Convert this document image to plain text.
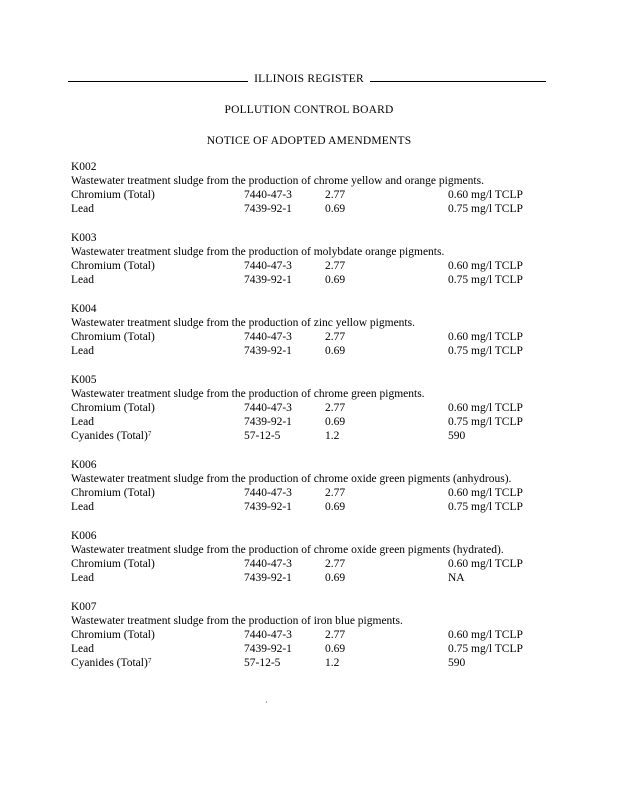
ILLINOIS REGISTER
POLLUTION CONTROL BOARD
NOTICE OF ADOPTED AMENDMENTS
K002
Wastewater treatment sludge from the production of chrome yellow and orange pigments.
Chromium (Total)	7440-47-3	2.77	0.60 mg/l TCLP
Lead	7439-92-1	0.69	0.75 mg/l TCLP
K003
Wastewater treatment sludge from the production of molybdate orange pigments.
Chromium (Total)	7440-47-3	2.77	0.60 mg/l TCLP
Lead	7439-92-1	0.69	0.75 mg/l TCLP
K004
Wastewater treatment sludge from the production of zinc yellow pigments.
Chromium (Total)	7440-47-3	2.77	0.60 mg/l TCLP
Lead	7439-92-1	0.69	0.75 mg/l TCLP
K005
Wastewater treatment sludge from the production of chrome green pigments.
Chromium (Total)	7440-47-3	2.77	0.60 mg/l TCLP
Lead	7439-92-1	0.69	0.75 mg/l TCLP
Cyanides (Total)$^7$	57-12-5	1.2	590
K006
Wastewater treatment sludge from the production of chrome oxide green pigments (anhydrous).
Chromium (Total)	7440-47-3	2.77	0.60 mg/l TCLP
Lead	7439-92-1	0.69	0.75 mg/l TCLP
K006
Wastewater treatment sludge from the production of chrome oxide green pigments (hydrated).
Chromium (Total)	7440-47-3	2.77	0.60 mg/l TCLP
Lead	7439-92-1	0.69	NA
K007
Wastewater treatment sludge from the production of iron blue pigments.
Chromium (Total)	7440-47-3	2.77	0.60 mg/l TCLP
Lead	7439-92-1	0.69	0.75 mg/l TCLP
Cyanides (Total)$^7$	57-12-5	1.2	590
·
